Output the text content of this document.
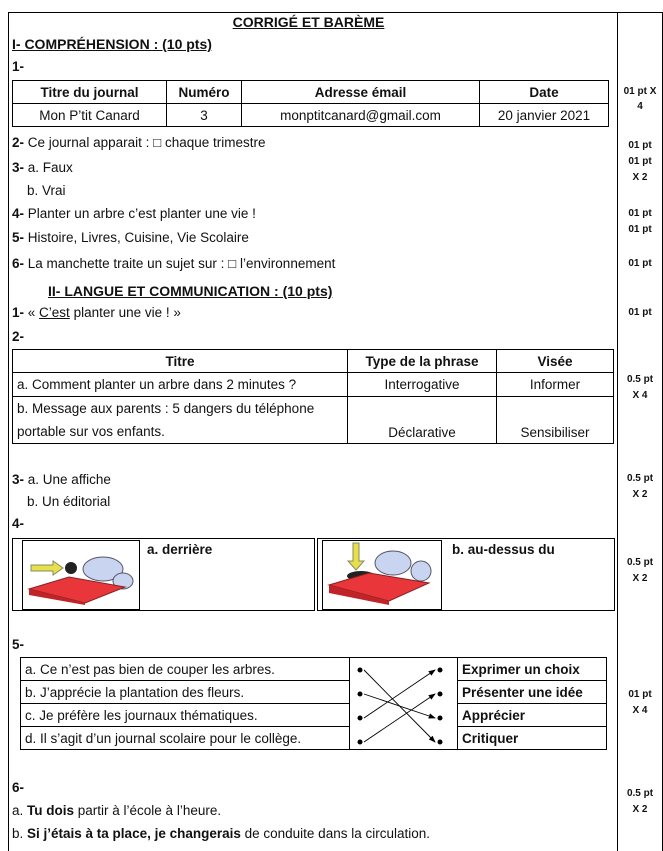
CORRIGÉ ET BARÈME
I- COMPRÉHENSION : (10 pts)
1-
Titre du journal	Numéro	Adresse émail	Date
Mon P’tit Canard	3	monptitcanard@gmail.com	20 janvier 2021
2- Ce journal apparait : □ chaque trimestre
3- a. Faux
b. Vrai
4- Planter un arbre c’est planter une vie !
5- Histoire, Livres, Cuisine, Vie Scolaire
6- La manchette traite un sujet sur : □ l’environnement
II- LANGUE ET COMMUNICATION : (10 pts)
1- « C’est planter une vie ! »
2-
Titre	Type de la phrase	Visée
a. Comment planter un arbre dans 2 minutes ?	Interrogative	Informer
b. Message aux parents : 5 dangers du téléphone portable sur vos enfants.	Déclarative	Sensibiliser
3- a. Une affiche
b. Un éditorial
4-
a. derrière	b. au-dessus du
5-
a. Ce n’est pas bien de couper les arbres.		Exprimer un choix
b. J’apprécie la plantation des fleurs.		Présenter une idée
c. Je préfère les journaux thématiques.		Apprécier
d. Il s’agit d’un journal scolaire pour le collège.		Critiquer
6-
a. Tu dois partir à l’école à l’heure.
b. Si j’étais à ta place, je changerais de conduite dans la circulation.
01 pt X
4
01 pt
01 pt
X 2
01 pt
01 pt
01 pt
01 pt
0.5 pt
X 4
0.5 pt
X 2
0.5 pt
X 2
01 pt
X 4
0.5 pt
X 2
